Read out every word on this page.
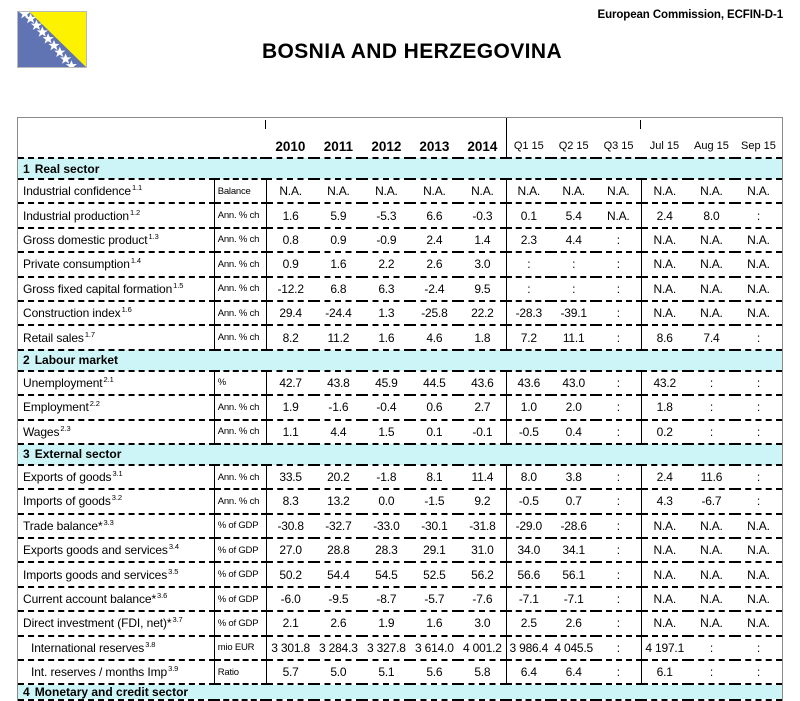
European Commission, ECFIN-D-1
BOSNIA AND HERZEGOVINA
		2010	2011	2012	2013	2014	Q1 15	Q2 15	Q3 15	Jul 15	Aug 15	Sep 15
1 Real sector												
Industrial confidence$^{1.1}$	Balance	N.A.	N.A.	N.A.	N.A.	N.A.	N.A.	N.A.	N.A.	N.A.	N.A.	N.A.
Industrial production$^{1.2}$	Ann. % ch	1.6	5.9	-5.3	6.6	-0.3	0.1	5.4	N.A.	2.4	8.0	:
Gross domestic product$^{1.3}$	Ann. % ch	0.8	0.9	-0.9	2.4	1.4	2.3	4.4	:	N.A.	N.A.	N.A.
Private consumption$^{1.4}$	Ann. % ch	0.9	1.6	2.2	2.6	3.0	:	:	:	N.A.	N.A.	N.A.
Gross fixed capital formation$^{1.5}$	Ann. % ch	-12.2	6.8	6.3	-2.4	9.5	:	:	:	N.A.	N.A.	N.A.
Construction index$^{1.6}$	Ann. % ch	29.4	-24.4	1.3	-25.8	22.2	-28.3	-39.1	:	N.A.	N.A.	N.A.
Retail sales$^{1.7}$	Ann. % ch	8.2	11.2	1.6	4.6	1.8	7.2	11.1	:	8.6	7.4	:
2 Labour market												
Unemployment$^{2.1}$	%	42.7	43.8	45.9	44.5	43.6	43.6	43.0	:	43.2	:	:
Employment$^{2.2}$	Ann. % ch	1.9	-1.6	-0.4	0.6	2.7	1.0	2.0	:	1.8	:	:
Wages$^{2.3}$	Ann. % ch	1.1	4.4	1.5	0.1	-0.1	-0.5	0.4	:	0.2	:	:
3 External sector												
Exports of goods$^{3.1}$	Ann. % ch	33.5	20.2	-1.8	8.1	11.4	8.0	3.8	:	2.4	11.6	:
Imports of goods$^{3.2}$	Ann. % ch	8.3	13.2	0.0	-1.5	9.2	-0.5	0.7	:	4.3	-6.7	:
Trade balance*$^{3.3}$	% of GDP	-30.8	-32.7	-33.0	-30.1	-31.8	-29.0	-28.6	:	N.A.	N.A.	N.A.
Exports goods and services$^{3.4}$	% of GDP	27.0	28.8	28.3	29.1	31.0	34.0	34.1	:	N.A.	N.A.	N.A.
Imports goods and services$^{3.5}$	% of GDP	50.2	54.4	54.5	52.5	56.2	56.6	56.1	:	N.A.	N.A.	N.A.
Current account balance*$^{3.6}$	% of GDP	-6.0	-9.5	-8.7	-5.7	-7.6	-7.1	-7.1	:	N.A.	N.A.	N.A.
Direct investment (FDI, net)*$^{3.7}$	% of GDP	2.1	2.6	1.9	1.6	3.0	2.5	2.6	:	N.A.	N.A.	N.A.
International reserves$^{3.8}$	mio EUR	3 301.8	3 284.3	3 327.8	3 614.0	4 001.2	3 986.4	4 045.5	:	4 197.1	:	:
Int. reserves / months Imp$^{3.9}$	Ratio	5.7	5.0	5.1	5.6	5.8	6.4	6.4	:	6.1	:	:
4 Monetary and credit sector												
